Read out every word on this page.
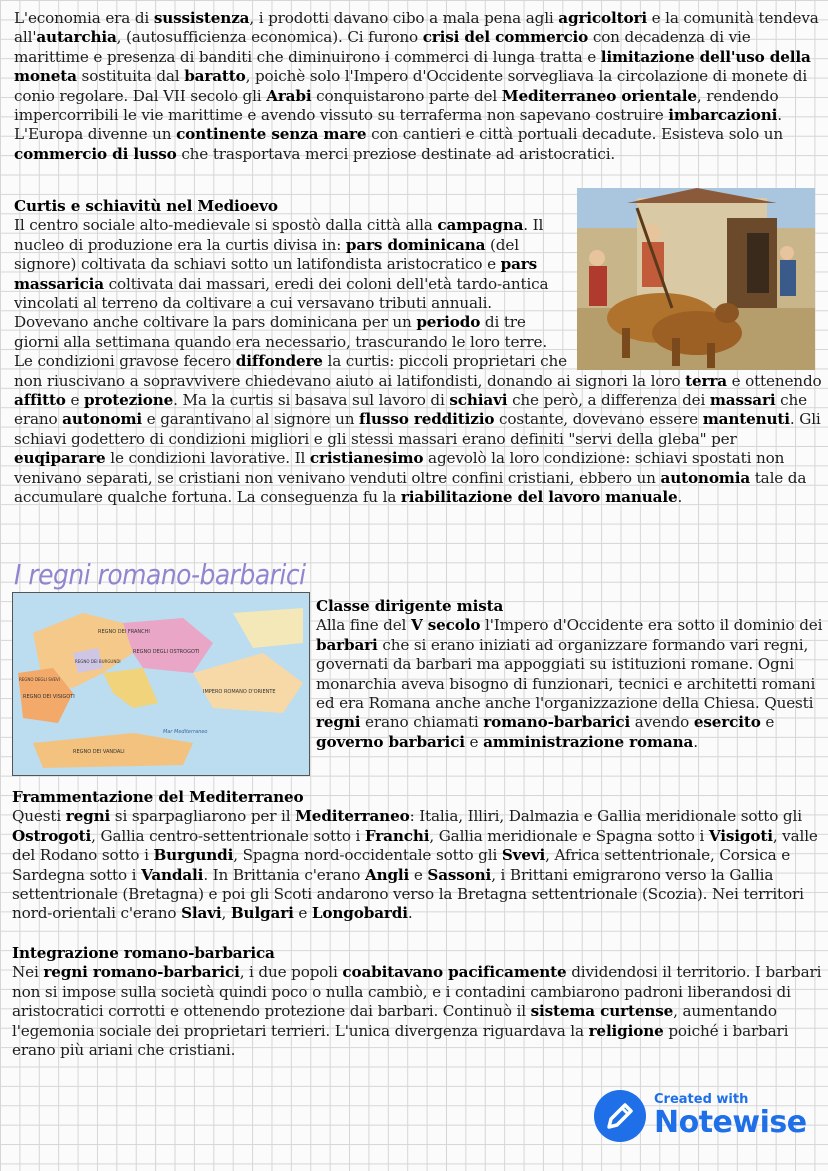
L'economia era di sussistenza, i prodotti davano cibo a mala pena agli agricoltori e la comunità tendeva all'autarchia, (autosufficienza economica). Ci furono crisi del commercio con decadenza di vie marittime e presenza di banditi che diminuirono i commerci di lunga tratta e limitazione dell'uso della moneta sostituita dal baratto, poichè solo l'Impero d'Occidente sorvegliava la circolazione di monete di conio regolare. Dal VII secolo gli Arabi conquistarono parte del Mediterraneo orientale, rendendo impercorribili le vie marittime e avendo vissuto su terraferma non sapevano costruire imbarcazioni. L'Europa divenne un continente senza mare con cantieri e città portuali decadute. Esisteva solo un commercio di lusso che trasportava merci preziose destinate ad aristocratici.

Curtis e schiavitù nel Medioevo

Il centro sociale alto-medievale si spostò dalla città alla campagna. Il nucleo di produzione era la curtis divisa in: pars dominicana (del signore) coltivata da schiavi sotto un latifondista aristocratico e pars massaricia coltivata dai massari, eredi dei coloni dell'età tardo-antica vincolati al terreno da coltivare a cui versavano tributi annuali. Dovevano anche coltivare la pars dominicana per un periodo di tre giorni alla settimana quando era necessario, trascurando le loro terre. Le condizioni gravose fecero diffondere la curtis: piccoli proprietari che non riuscivano a sopravvivere chiedevano aiuto ai latifondisti, donando ai signori la loro terra e ottenendo affitto e protezione. Ma la curtis si basava sul lavoro di schiavi che però, a differenza dei massari che erano autonomi e garantivano al signore un flusso redditizio costante, dovevano essere mantenuti. Gli schiavi godettero di condizioni migliori e gli stessi massari erano definiti "servi della gleba" per euqiparare le condizioni lavorative. Il cristianesimo agevolò la loro condizione: schiavi spostati non venivano separati, se cristiani non venivano venduti oltre confini cristiani, ebbero un autonomia tale da accumulare qualche fortuna. La conseguenza fu la riabilitazione del lavoro manuale.

I regni romano-barbarici
REGNO DEI FRANCHI
REGNO DEI VISIGOTI
REGNO DEGLI OSTROGOTI
REGNO DEI VANDALI
IMPERO ROMANO D'ORIENTE
REGNO DEI BURGUNDI
REGNO DEGLI SVEVI
Mar Mediterraneo

Classe dirigente mista

Alla fine del V secolo l'Impero d'Occidente era sotto il dominio dei barbari che si erano iniziati ad organizzare formando vari regni, governati da barbari ma appoggiati su istituzioni romane. Ogni monarchia aveva bisogno di funzionari, tecnici e architetti romani ed era Romana anche anche l'organizzazione della Chiesa. Questi regni erano chiamati romano-barbarici avendo esercito e governo barbarici e amministrazione romana.

Frammentazione del Mediterraneo

Questi regni si sparpagliarono per il Mediterraneo: Italia, Illiri, Dalmazia e Gallia meridionale sotto gli Ostrogoti, Gallia centro-settentrionale sotto i Franchi, Gallia meridionale e Spagna sotto i Visigoti, valle del Rodano sotto i Burgundi, Spagna nord-occidentale sotto gli Svevi, Africa settentrionale, Corsica e Sardegna sotto i Vandali. In Brittania c'erano Angli e Sassoni, i Brittani emigrarono verso la Gallia settentrionale (Bretagna) e poi gli Scoti andarono verso la Bretagna settentrionale (Scozia). Nei territori nord-orientali c'erano Slavi, Bulgari e Longobardi.

Integrazione romano-barbarica

Nei regni romano-barbarici, i due popoli coabitavano pacificamente dividendosi il territorio. I barbari non si impose sulla società quindi poco o nulla cambiò, e i contadini cambiarono padroni liberandosi di aristocratici corrotti e ottenendo protezione dai barbari. Continuò il sistema curtense, aumentando l'egemonia sociale dei proprietari terrieri. L'unica divergenza riguardava la religione poiché i barbari erano più ariani che cristiani.

Created with
Notewise
